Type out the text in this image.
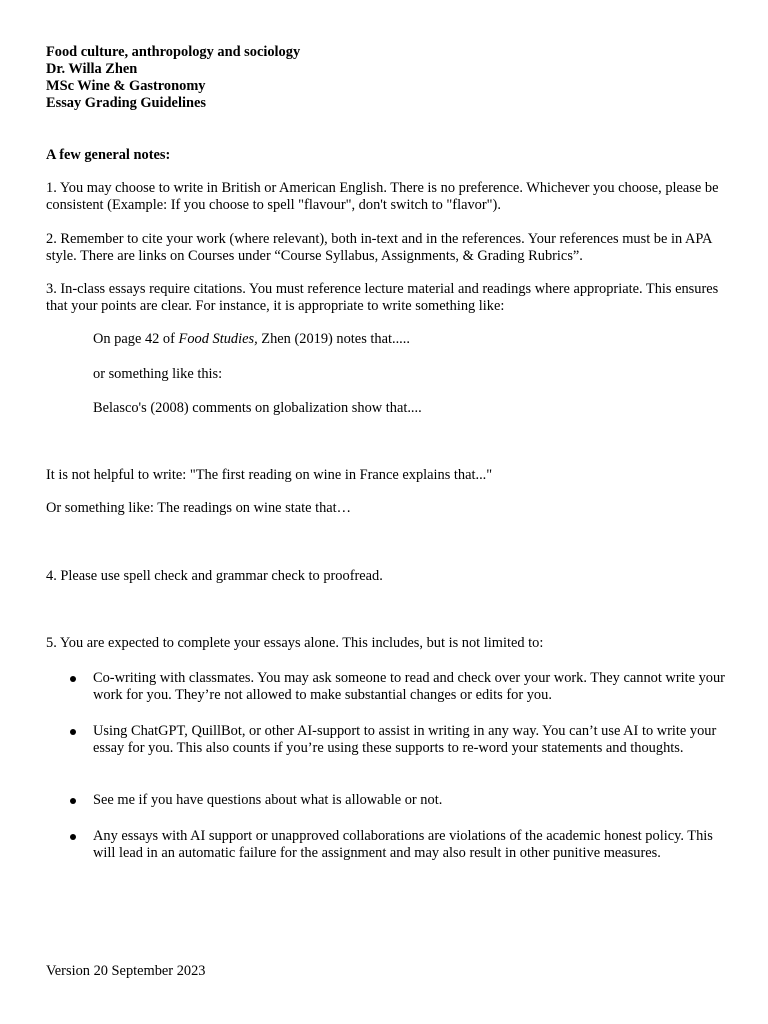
Food culture, anthropology and sociology

Dr. Willa Zhen

MSc Wine & Gastronomy

Essay Grading Guidelines

A few general notes:

1. You may choose to write in British or American English. There is no preference. Whichever you choose, please be consistent (Example: If you choose to spell "flavour", don't switch to "flavor").

2. Remember to cite your work (where relevant), both in-text and in the references. Your references must be in APA style. There are links on Courses under “Course Syllabus, Assignments, & Grading Rubrics”.

3. In-class essays require citations. You must reference lecture material and readings where appropriate. This ensures that your points are clear. For instance, it is appropriate to write something like:

On page 42 of Food Studies, Zhen (2019) notes that.....

or something like this:

Belasco's (2008) comments on globalization show that....

It is not helpful to write: "The first reading on wine in France explains that..."

Or something like: The readings on wine state that…

4. Please use spell check and grammar check to proofread.

5. You are expected to complete your essays alone. This includes, but is not limited to:

Co-writing with classmates. You may ask someone to read and check over your work. They cannot write your work for you. They’re not allowed to make substantial changes or edits for you.

Using ChatGPT, QuillBot, or other AI-support to assist in writing in any way. You can’t use AI to write your essay for you. This also counts if you’re using these supports to re-word your statements and thoughts.

See me if you have questions about what is allowable or not.

Any essays with AI support or unapproved collaborations are violations of the academic honest policy. This will lead in an automatic failure for the assignment and may also result in other punitive measures.

Version 20 September 2023
